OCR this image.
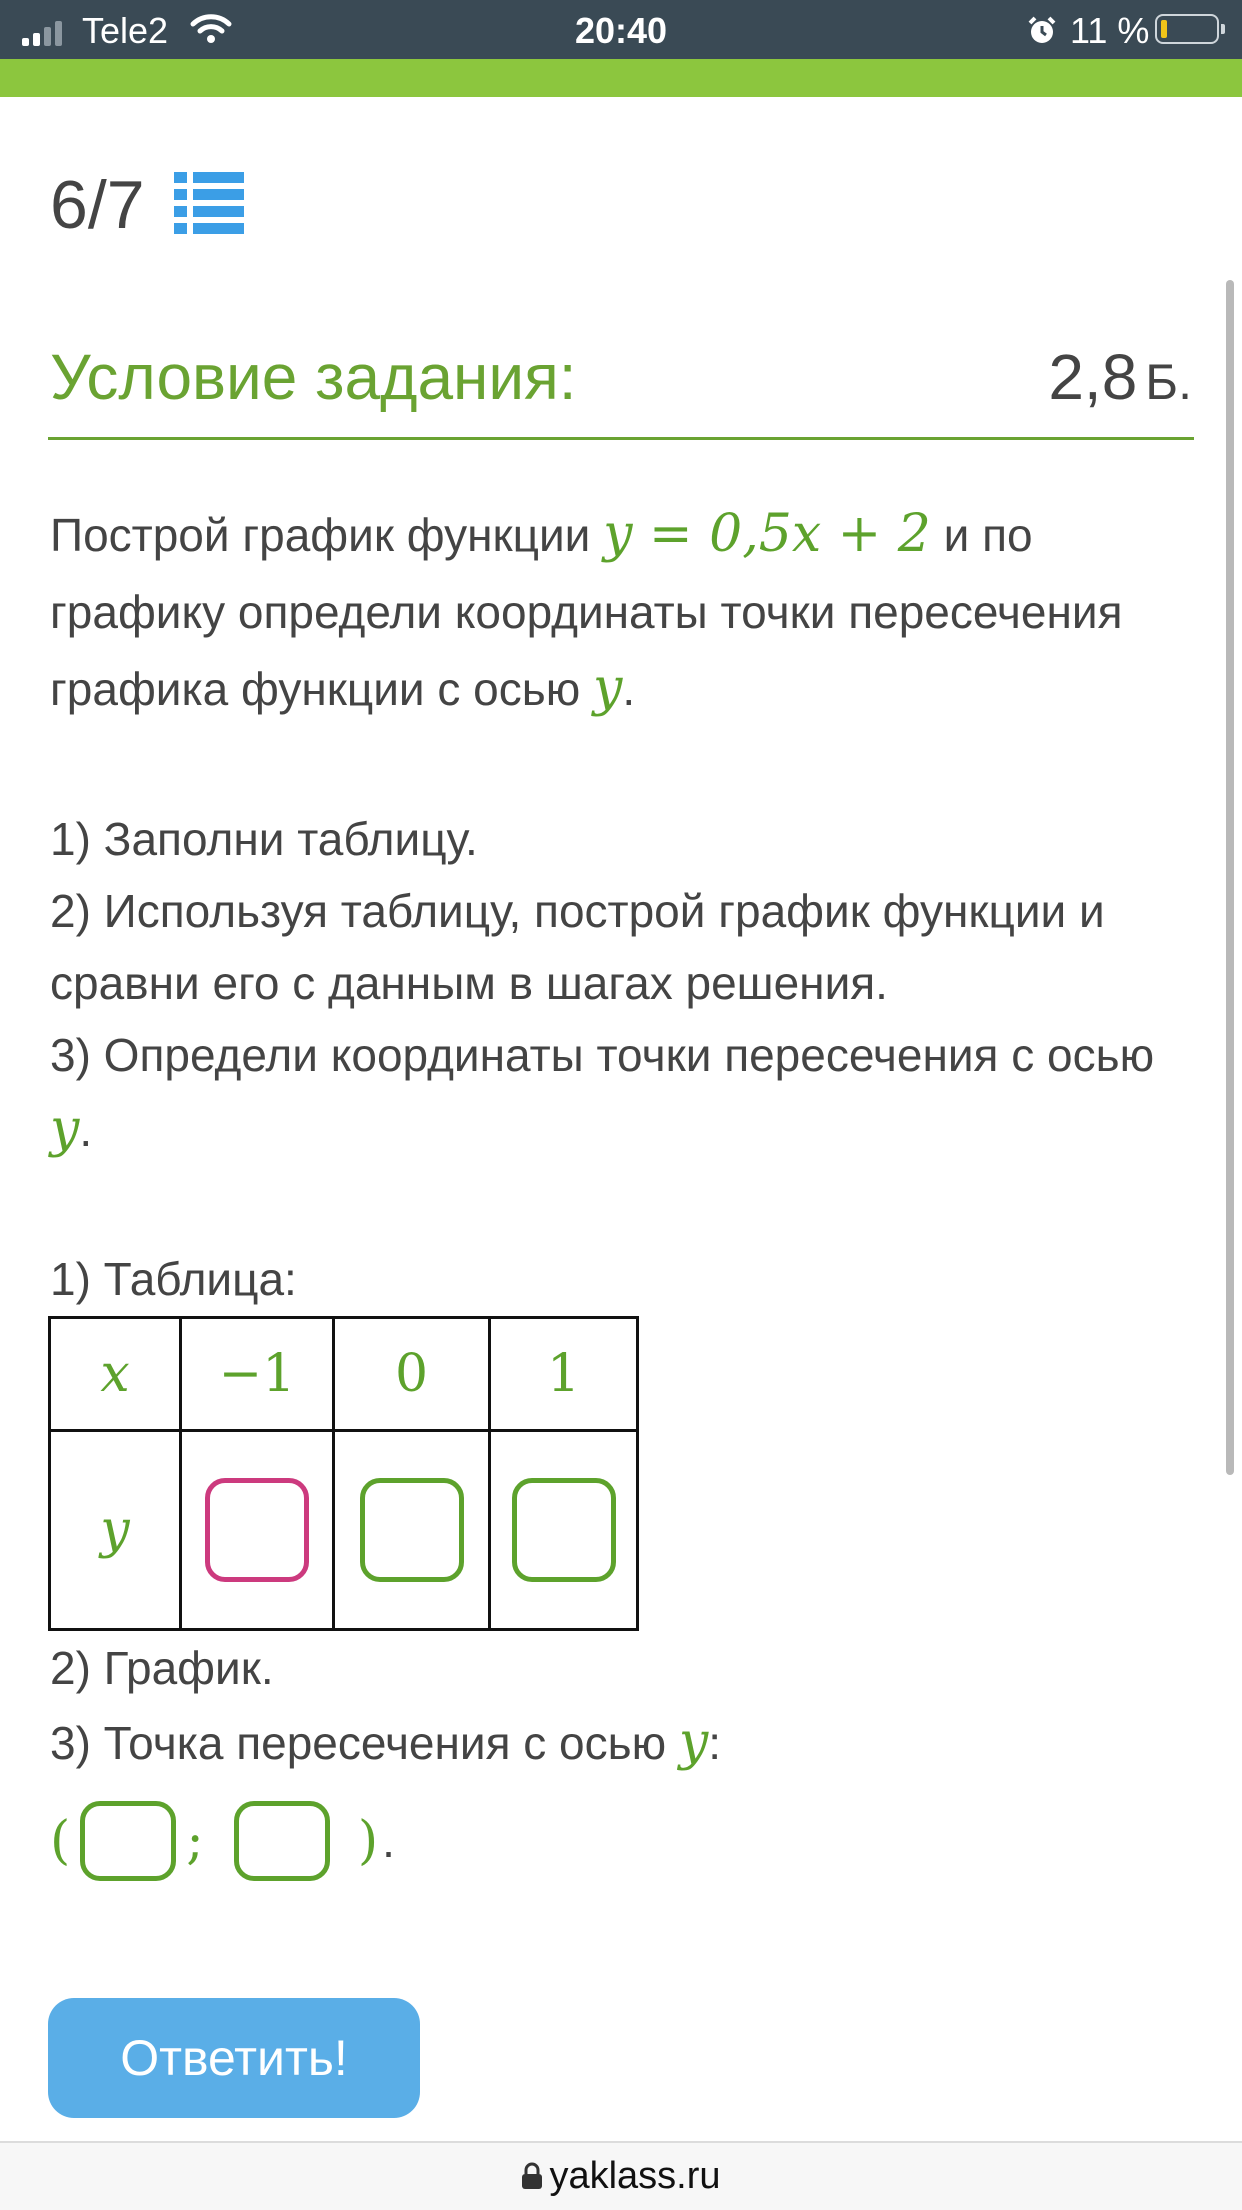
Tele2	20:40	11 %
6/7
Условие задания:	2,8 Б.
Построй график функции y = 0,5x + 2 и по
графику определи координаты точки пересечения
графика функции с осью y.
1) Заполни таблицу.
2) Используя таблицу, построй график функции и
сравни его с данным в шагах решения.
3) Определи координаты точки пересечения с осью
y.
1) Таблица:
x	−1	0	1
y			
2) График.
3) Точка пересечения с осью y:
( ;	) .
Ответить!
yaklass.ru
